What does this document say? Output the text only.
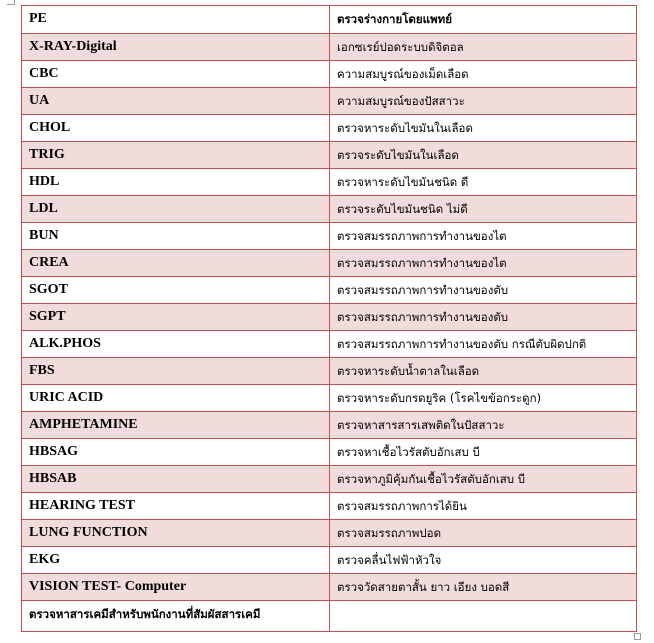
PE	ตรวจร่างกายโดยแพทย์
X-RAY-Digital	เอกซเรย์ปอดระบบดิจิตอล
CBC	ความสมบูรณ์ของเม็ดเลือด
UA	ความสมบูรณ์ของปัสสาวะ
CHOL	ตรวจหาระดับไขมันในเลือด
TRIG	ตรวจระดับไขมันในเลือด
HDL	ตรวจหาระดับไขมันชนิด ดี
LDL	ตรวจระดับไขมันชนิด ไม่ดี
BUN	ตรวจสมรรถภาพการทำงานของไต
CREA	ตรวจสมรรถภาพการทำงานของไต
SGOT	ตรวจสมรรถภาพการทำงานของตับ
SGPT	ตรวจสมรรถภาพการทำงานของตับ
ALK.PHOS	ตรวจสมรรถภาพการทำงานของตับ กรณีตับผิดปกติ
FBS	ตรวจหาระดับน้ำตาลในเลือด
URIC ACID	ตรวจหาระดับกรดยูริค (โรคไขข้อกระดูก)
AMPHETAMINE	ตรวจหาสารสารเสพติดในปัสสาวะ
HBSAG	ตรวจหาเชื้อไวรัสตับอักเสบ บี
HBSAB	ตรวจหาภูมิคุ้มกันเชื้อไวรัสตับอักเสบ บี
HEARING TEST	ตรวจสมรรถภาพการได้ยิน
LUNG FUNCTION	ตรวจสมรรถภาพปอด
EKG	ตรวจคลื่นไฟฟ้าหัวใจ
VISION TEST- Computer	ตรวจวัดสายตาสั้น ยาว เอียง บอดสี
ตรวจหาสารเคมีสำหรับพนักงานที่สัมผัสสารเคมี	
